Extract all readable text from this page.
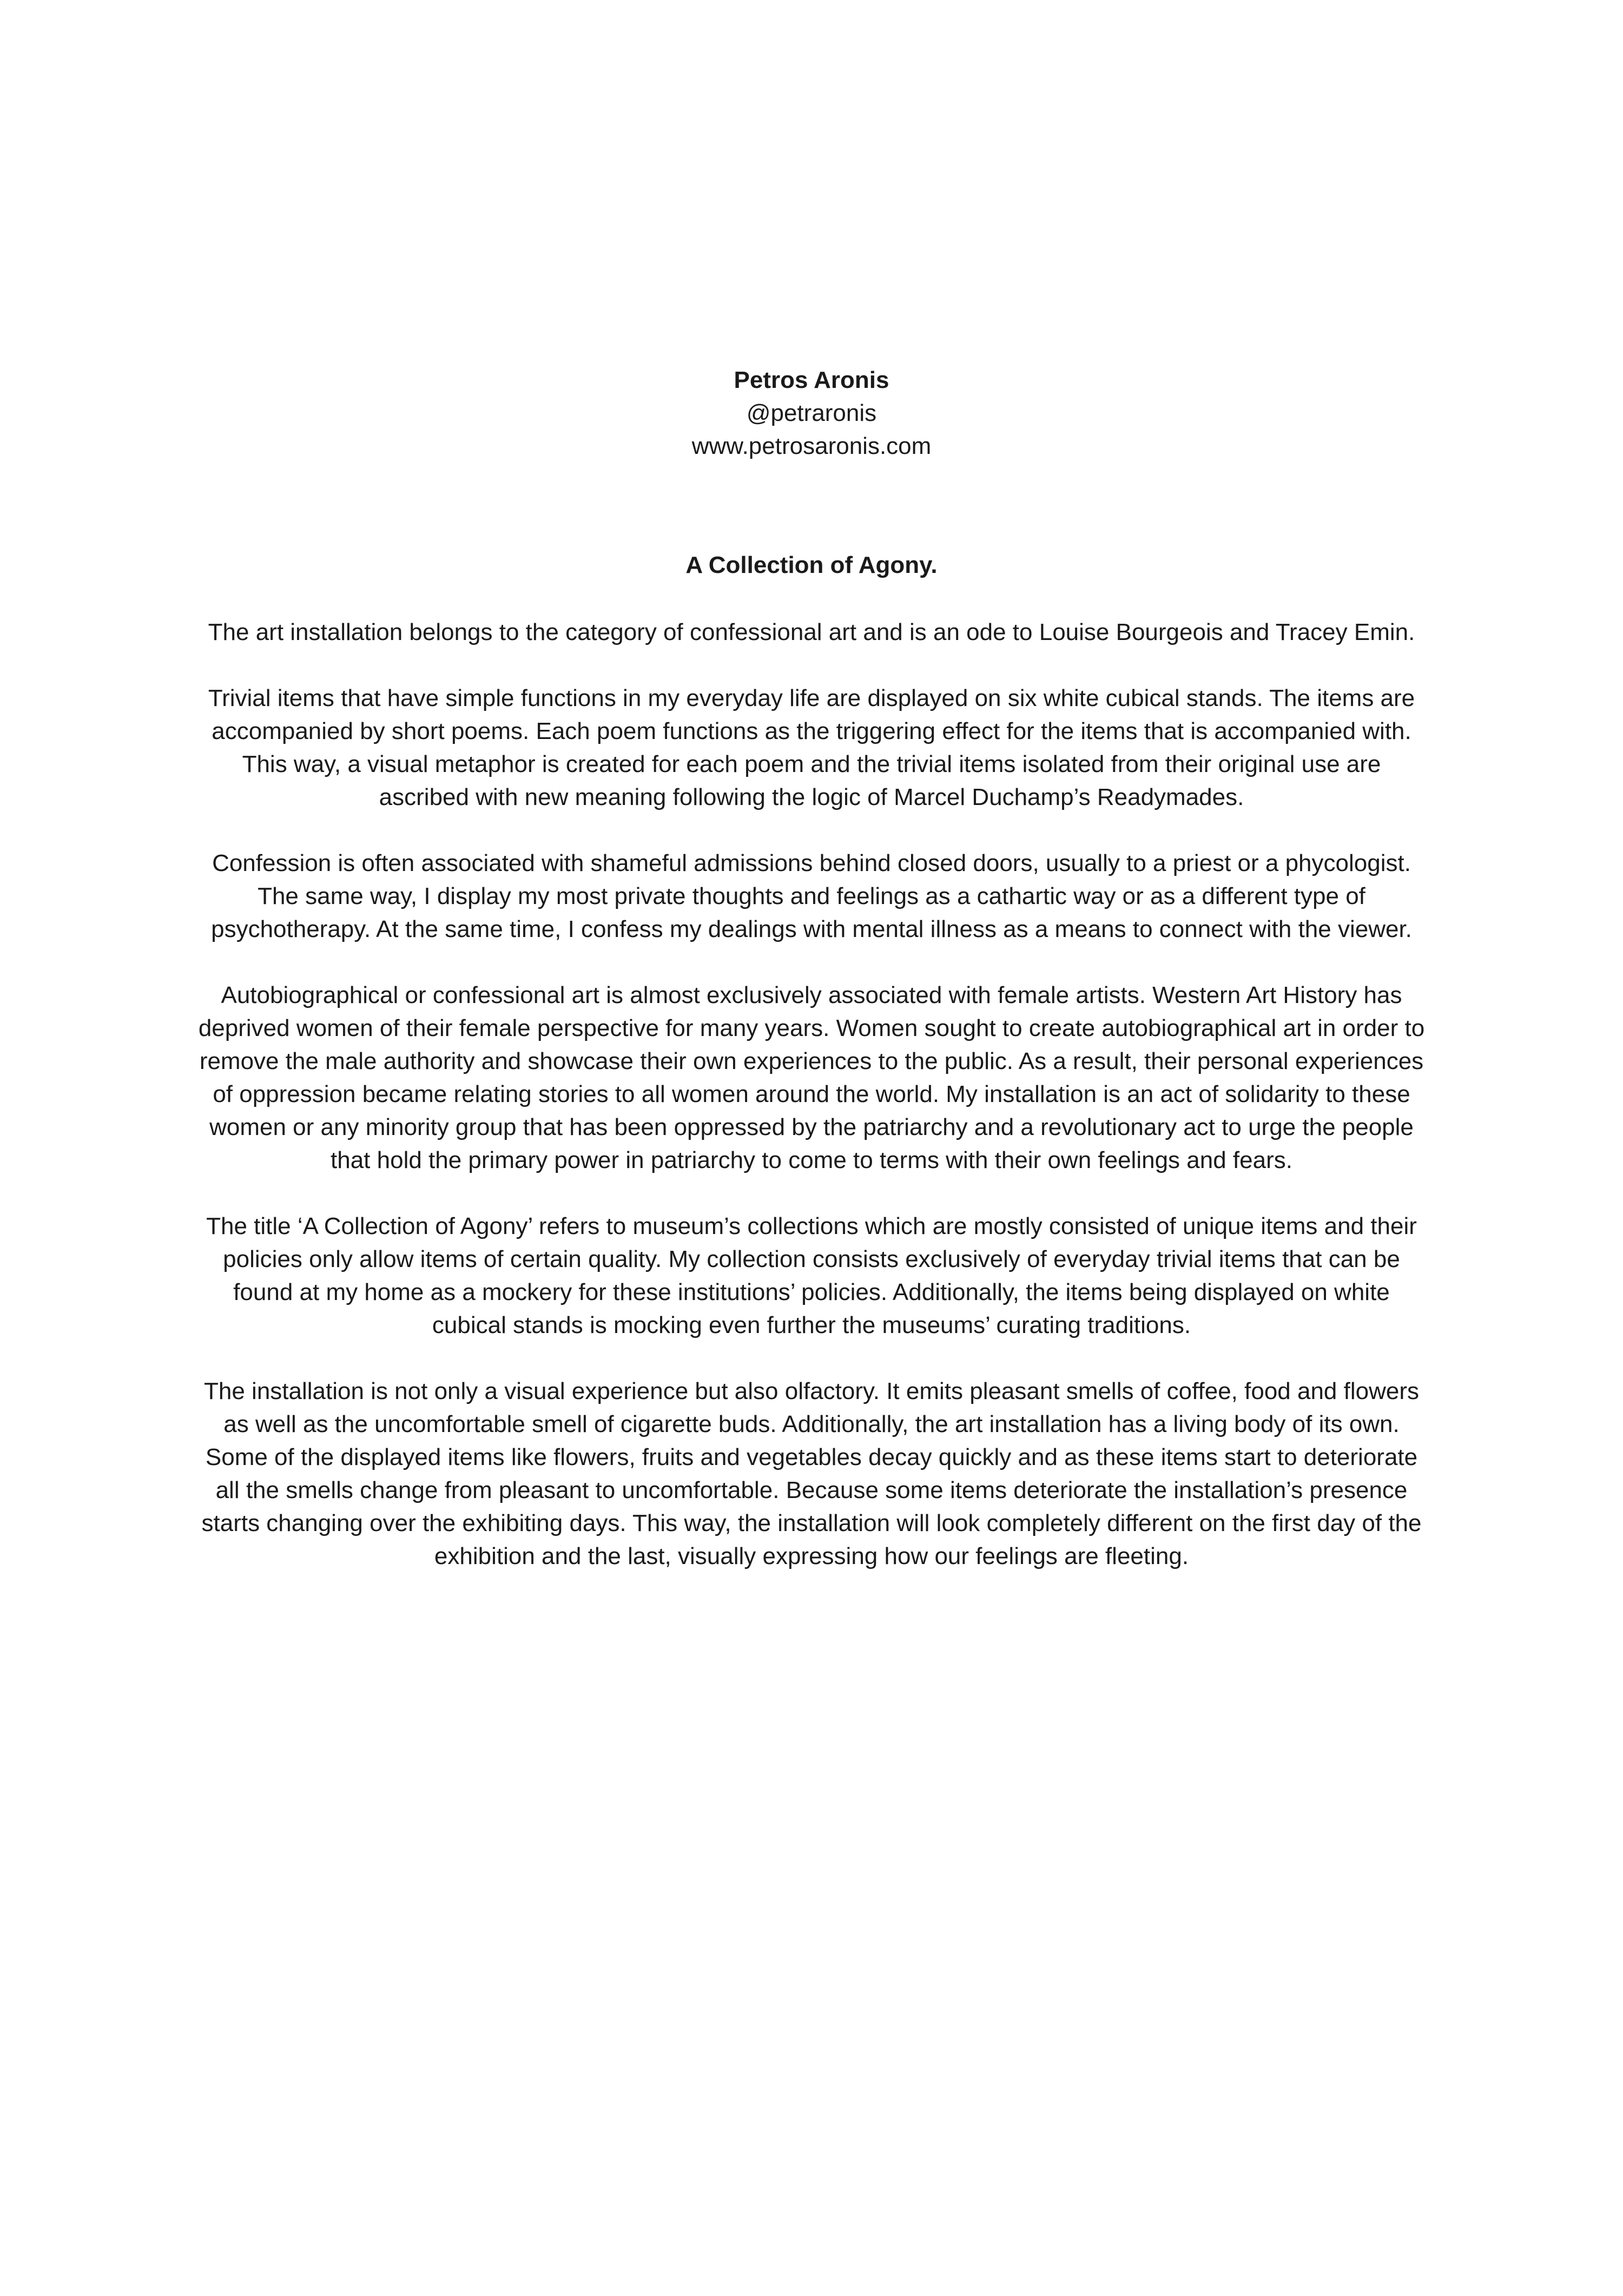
Petros Aronis
@petraronis
www.petrosaronis.com
A Collection of Agony.

The art installation belongs to the category of confessional art and is an ode to Louise Bourgeois and Tracey Emin.

Trivial items that have simple functions in my everyday life are displayed on six white cubical stands. The items are accompanied by short poems. Each poem functions as the triggering effect for the items that is accompanied with. This way, a visual metaphor is created for each poem and the trivial items isolated from their original use are ascribed with new meaning following the logic of Marcel Duchamp’s Readymades.

Confession is often associated with shameful admissions behind closed doors, usually to a priest or a phycologist. The same way, I display my most private thoughts and feelings as a cathartic way or as a different type of psychotherapy. At the same time, I confess my dealings with mental illness as a means to connect with the viewer.

Autobiographical or confessional art is almost exclusively associated with female artists. Western Art History has deprived women of their female perspective for many years. Women sought to create autobiographical art in order to remove the male authority and showcase their own experiences to the public. As a result, their personal experiences of oppression became relating stories to all women around the world. My installation is an act of solidarity to these women or any minority group that has been oppressed by the patriarchy and a revolutionary act to urge the people that hold the primary power in patriarchy to come to terms with their own feelings and fears.

The title ‘A Collection of Agony’ refers to museum’s collections which are mostly consisted of unique items and their policies only allow items of certain quality. My collection consists exclusively of everyday trivial items that can be found at my home as a mockery for these institutions’ policies. Additionally, the items being displayed on white cubical stands is mocking even further the museums’ curating traditions.

The installation is not only a visual experience but also olfactory. It emits pleasant smells of coffee, food and flowers as well as the uncomfortable smell of cigarette buds. Additionally, the art installation has a living body of its own. Some of the displayed items like flowers, fruits and vegetables decay quickly and as these items start to deteriorate all the smells change from pleasant to uncomfortable. Because some items deteriorate the installation’s presence starts changing over the exhibiting days. This way, the installation will look completely different on the first day of the exhibition and the last, visually expressing how our feelings are fleeting.
